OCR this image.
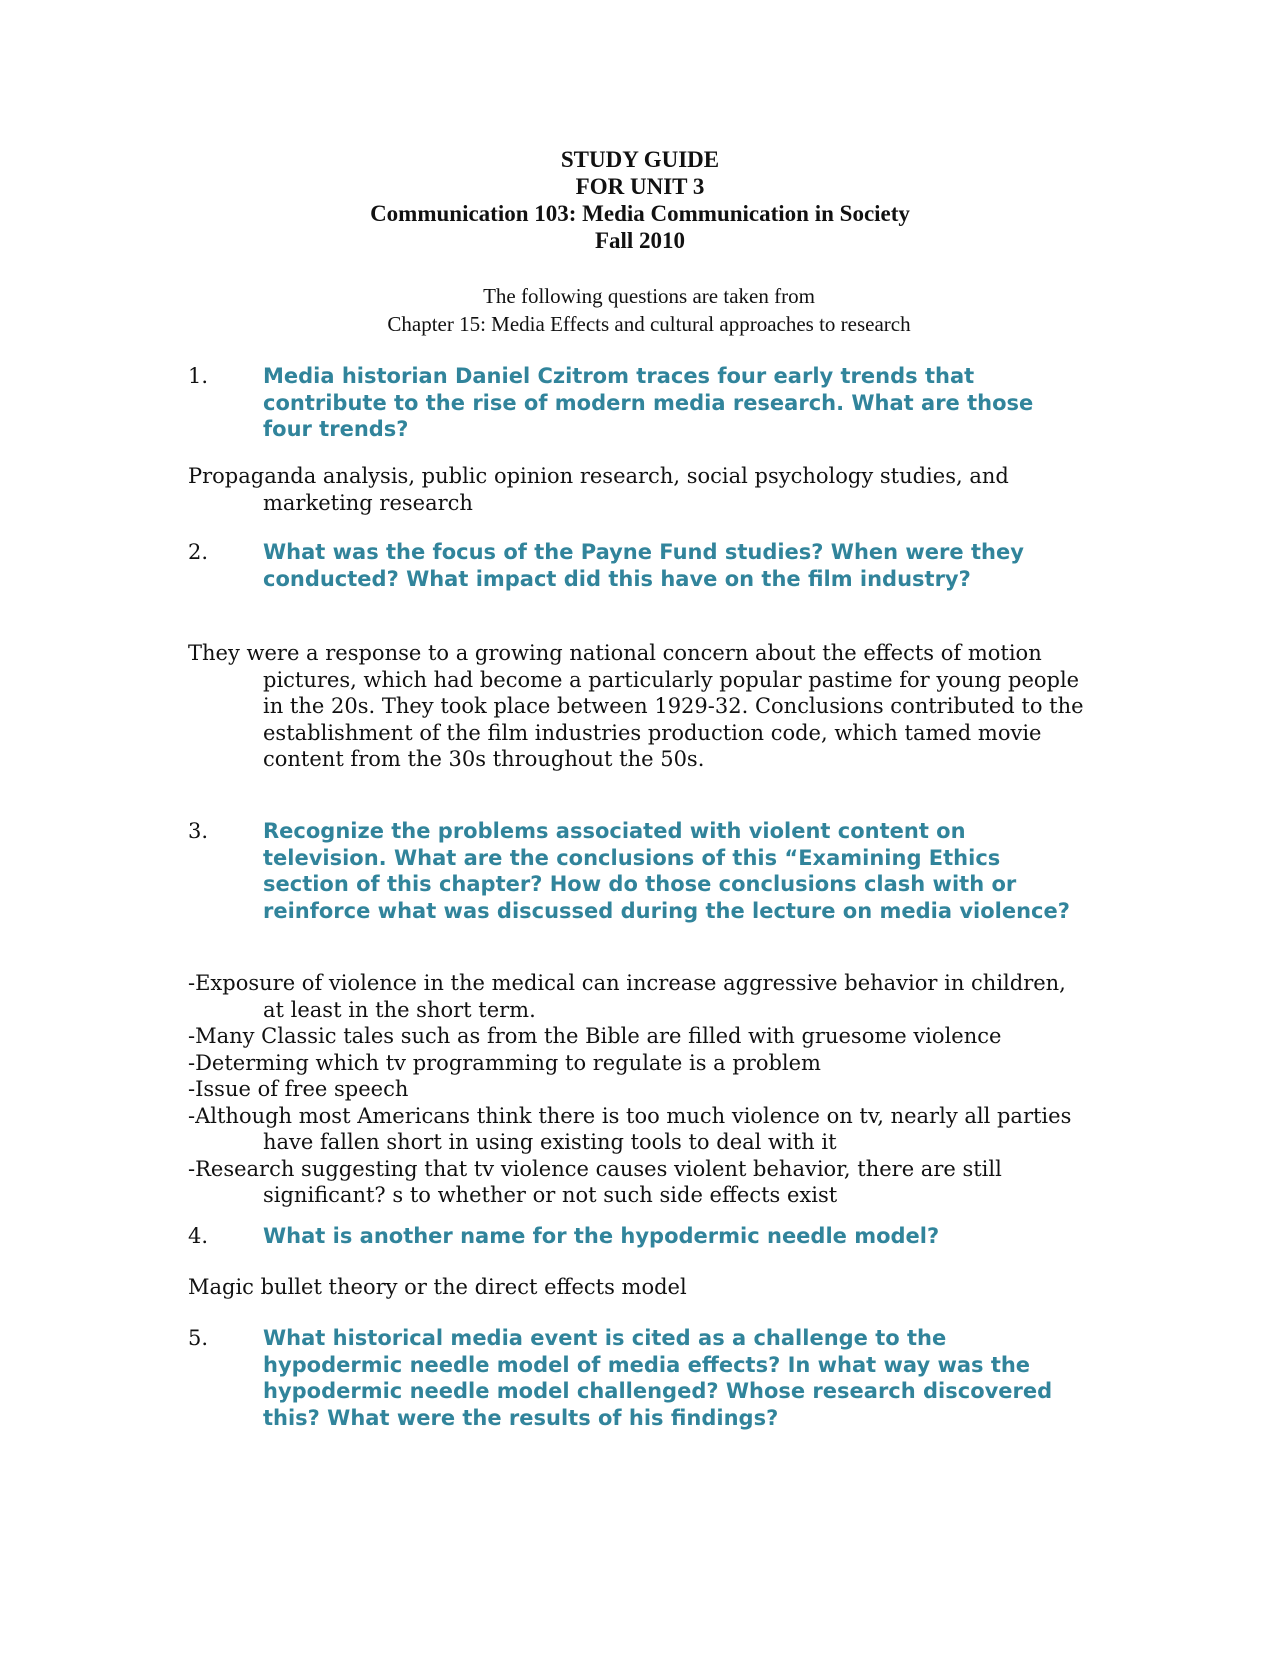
STUDY GUIDE
FOR UNIT 3
Communication 103: Media Communication in Society
Fall 2010
The following questions are taken from
Chapter 15: Media Effects and cultural approaches to research
1.	Media historian Daniel Czitrom traces four early trends that contribute to the rise of modern media research. What are those four trends?
Propaganda analysis, public opinion research, social psychology studies, and marketing research
2.	What was the focus of the Payne Fund studies? When were they conducted? What impact did this have on the film industry?
They were a response to a growing national concern about the effects of motion pictures, which had become a particularly popular pastime for young people in the 20s. They took place between 1929-32. Conclusions contributed to the establishment of the film industries production code, which tamed movie content from the 30s throughout the 50s.
3.	Recognize the problems associated with violent content on television. What are the conclusions of this “Examining Ethics section of this chapter? How do those conclusions clash with or reinforce what was discussed during the lecture on media violence?
-Exposure of violence in the medical can increase aggressive behavior in children, at least in the short term.
-Many Classic tales such as from the Bible are filled with gruesome violence
-Determing which tv programming to regulate is a problem
-Issue of free speech
-Although most Americans think there is too much violence on tv, nearly all parties have fallen short in using existing tools to deal with it
-Research suggesting that tv violence causes violent behavior, there are still significant? s to whether or not such side effects exist
4.	What is another name for the hypodermic needle model?
Magic bullet theory or the direct effects model
5.	What historical media event is cited as a challenge to the hypodermic needle model of media effects? In what way was the hypodermic needle model challenged? Whose research discovered this? What were the results of his findings?
